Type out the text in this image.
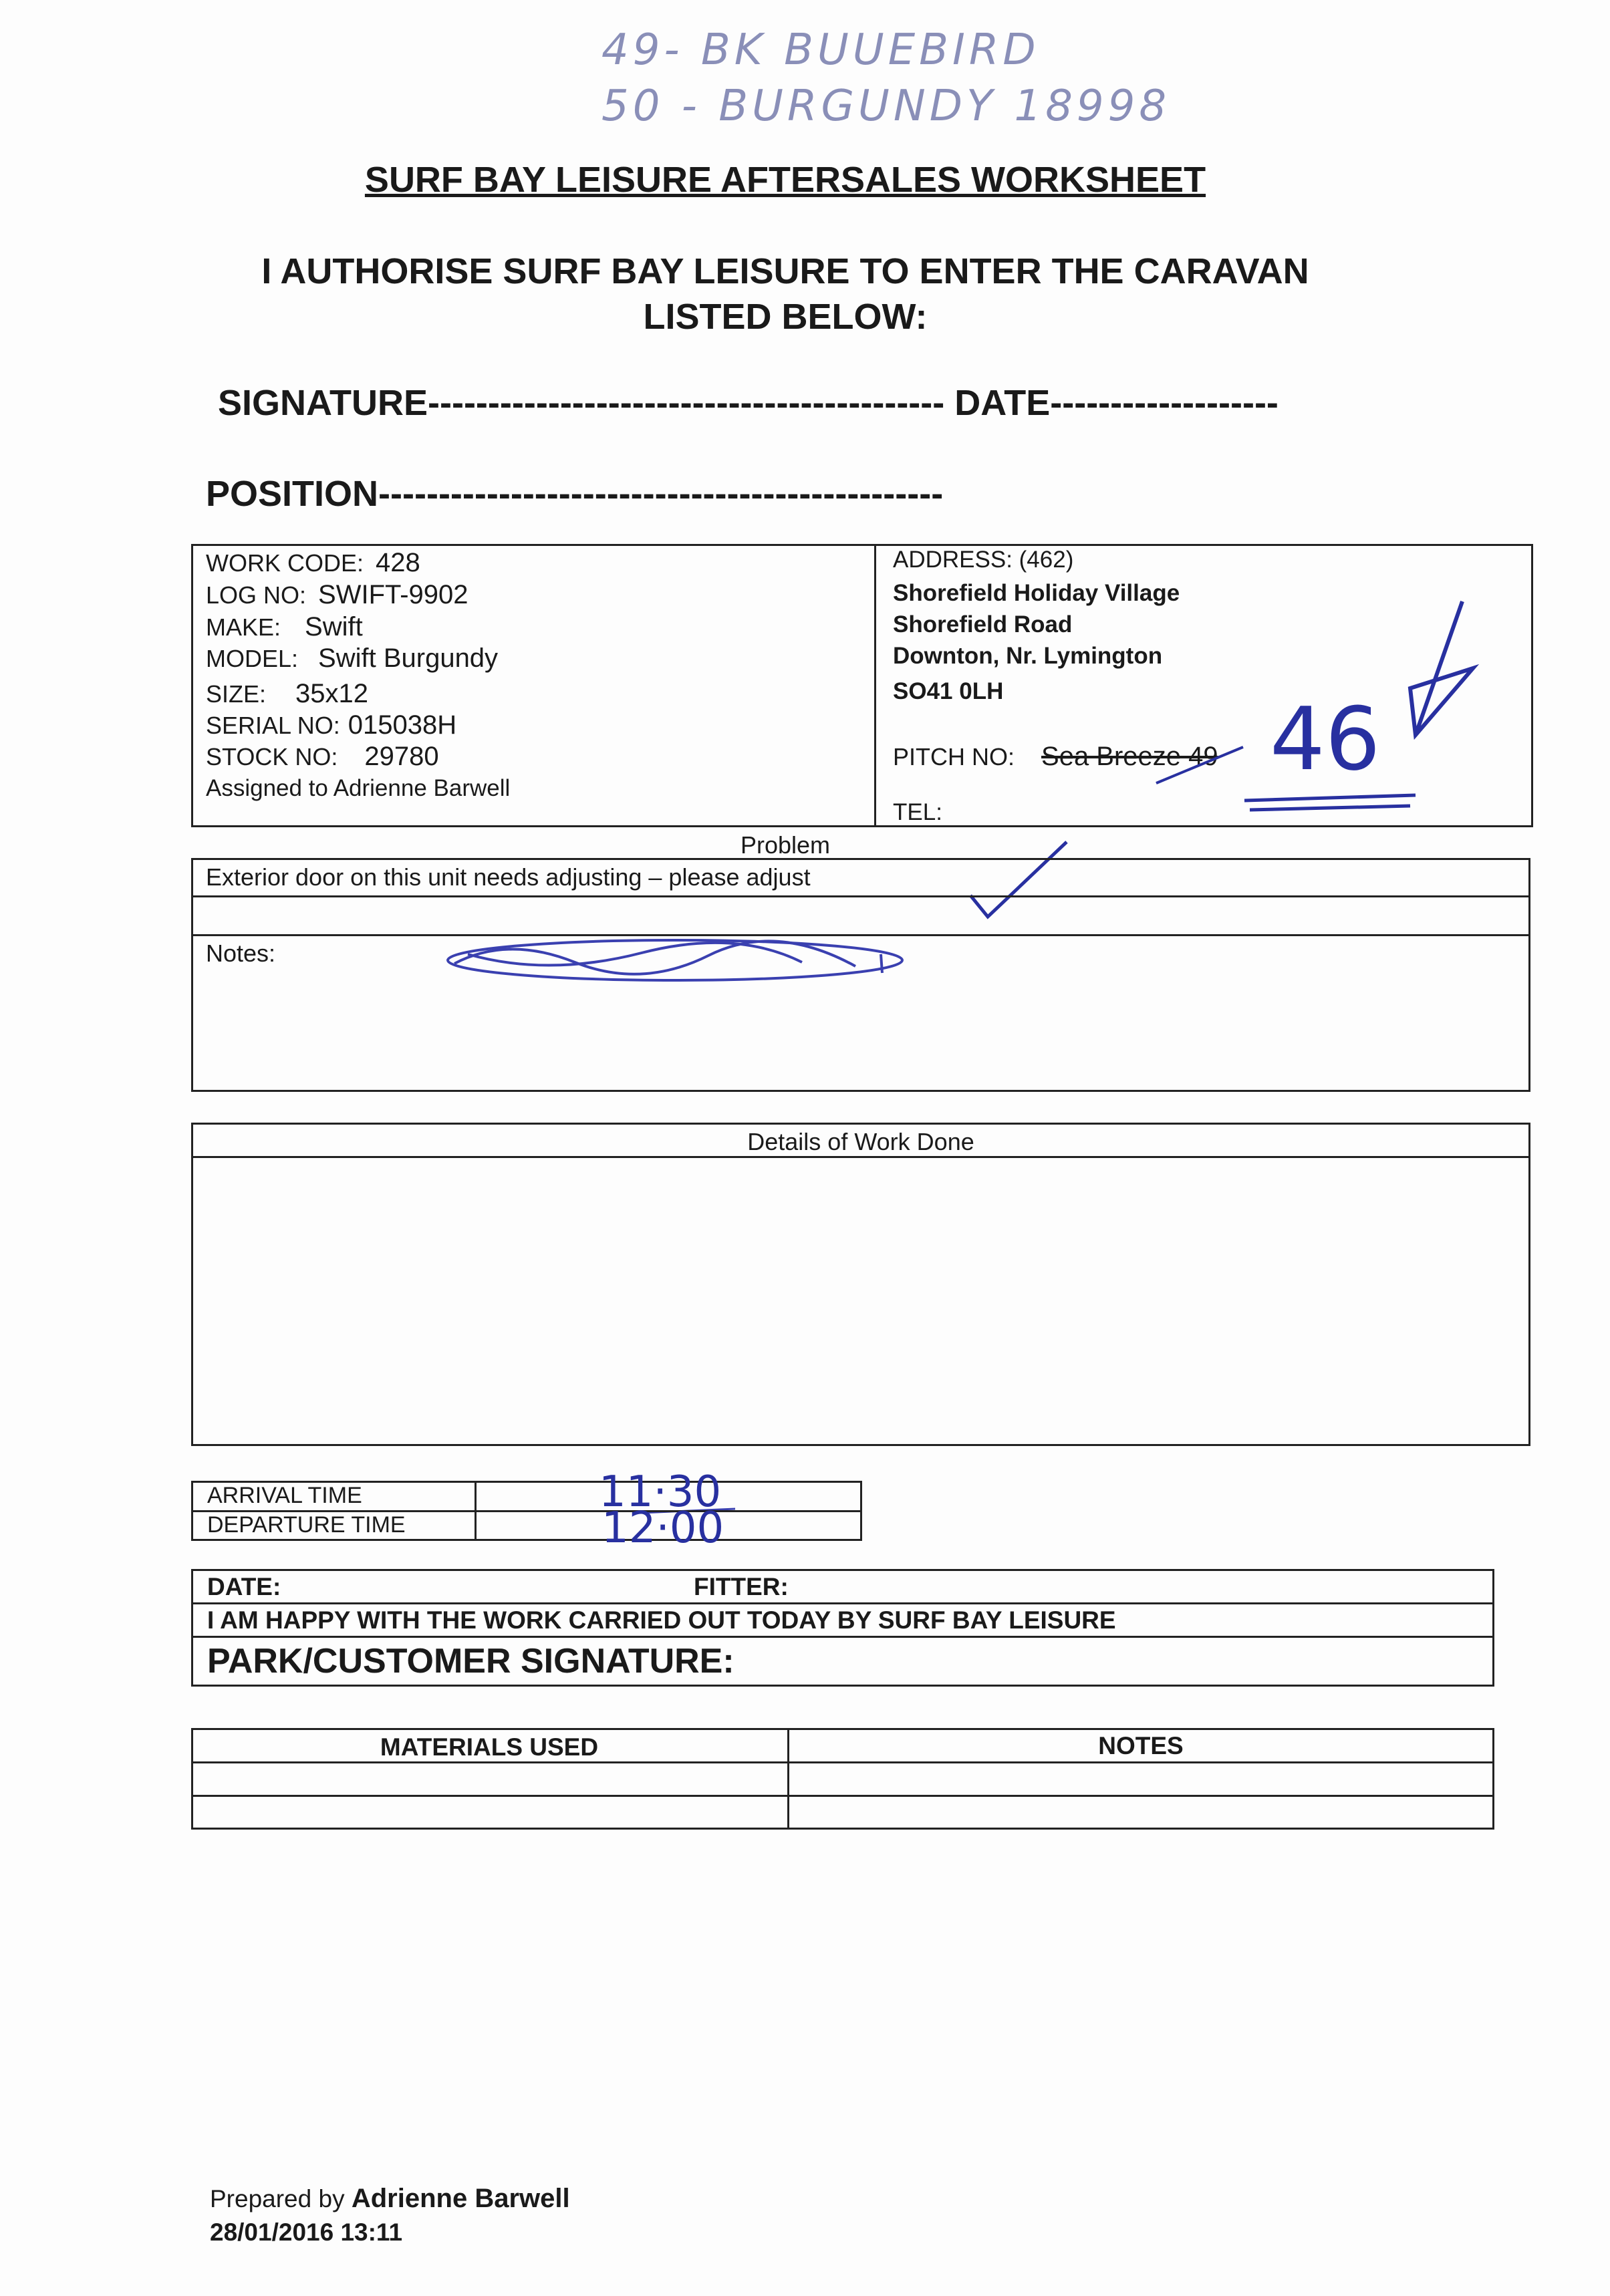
49- BK BUUEBIRD
50 - BURGUNDY 18998
SURF BAY LEISURE AFTERSALES WORKSHEET
I AUTHORISE SURF BAY LEISURE TO ENTER THE CARAVAN
LISTED BELOW:
SIGNATURE------------------------------------------- DATE-------------------
POSITION-----------------------------------------------
WORK CODE: 428
LOG NO: SWIFT-9902
MAKE: Swift
MODEL: Swift Burgundy
SIZE: 35x12
SERIAL NO: 015038H
STOCK NO: 29780
Assigned to Adrienne Barwell
ADDRESS: (462)
Shorefield Holiday Village
Shorefield Road
Downton, Nr. Lymington
SO41 0LH
PITCH NO: Sea Breeze 49
TEL:
46
Problem
Exterior door on this unit needs adjusting – please adjust
Notes:
Details of Work Done
ARRIVAL TIME
DEPARTURE TIME
11·30
12·00
DATE:	FITTER:
I AM HAPPY WITH THE WORK CARRIED OUT TODAY BY SURF BAY LEISURE
PARK/CUSTOMER SIGNATURE:
MATERIALS USED	NOTES
Prepared by Adrienne Barwell
28/01/2016 13:11
